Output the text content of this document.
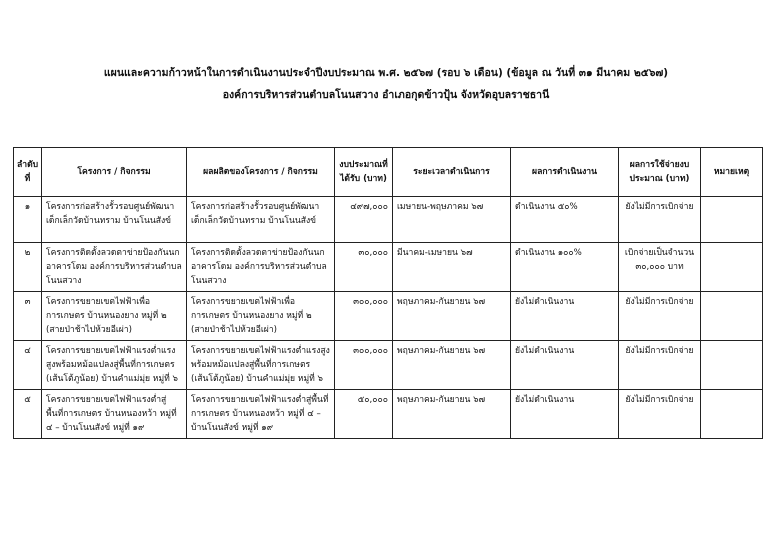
แผนและความก้าวหน้าในการดำเนินงานประจำปีงบประมาณ พ.ศ. ๒๕๖๗ (รอบ ๖ เดือน) (ข้อมูล ณ วันที่ ๓๑ มีนาคม ๒๕๖๗)
องค์การบริหารส่วนตำบลโนนสวาง อำเภอกุดข้าวปุ้น จังหวัดอุบลราชธานี
ลำดับที่	โครงการ / กิจกรรม	ผลผลิตของโครงการ / กิจกรรม	งบประมาณที่ได้รับ (บาท)	ระยะเวลาดำเนินการ	ผลการดำเนินงาน	ผลการใช้จ่ายงบประมาณ (บาท)	หมายเหตุ
๑	โครงการก่อสร้างรั้วรอบศูนย์พัฒนาเด็กเล็กวัดบ้านทราม บ้านโนนสังข์	โครงการก่อสร้างรั้วรอบศูนย์พัฒนาเด็กเล็กวัดบ้านทราม บ้านโนนสังข์	๔๙๗,๐๐๐	เมษายน-พฤษภาคม ๖๗	ดำเนินงาน ๕๐%	ยังไม่มีการเบิกจ่าย	
๒	โครงการติดตั้งลวดตาข่ายป้องกันนกอาคารโดม องค์การบริหารส่วนตำบลโนนสวาง	โครงการติดตั้งลวดตาข่ายป้องกันนกอาคารโดม องค์การบริหารส่วนตำบลโนนสวาง	๓๐,๐๐๐	มีนาคม-เมษายน ๖๗	ดำเนินงาน ๑๐๐%	เบิกจ่ายเป็นจำนวน ๓๐,๐๐๐ บาท	
๓	โครงการขยายเขตไฟฟ้าเพื่อการเกษตร บ้านหนองยาง หมู่ที่ ๒ (สายป่าช้าไปห้วยอีเผ่า)	โครงการขยายเขตไฟฟ้าเพื่อการเกษตร บ้านหนองยาง หมู่ที่ ๒ (สายป่าช้าไปห้วยอีเผ่า)	๓๐๐,๐๐๐	พฤษภาคม-กันยายน ๖๗	ยังไม่ดำเนินงาน	ยังไม่มีการเบิกจ่าย	
๔	โครงการขยายเขตไฟฟ้าแรงต่ำแรงสูงพร้อมหม้อแปลงสู่พื้นที่การเกษตร (เส้นโต้ภูน้อย) บ้านคำแม่มุ่ย หมู่ที่ ๖	โครงการขยายเขตไฟฟ้าแรงต่ำแรงสูงพร้อมหม้อแปลงสู่พื้นที่การเกษตร (เส้นโต้ภูน้อย) บ้านคำแม่มุ่ย หมู่ที่ ๖	๓๐๐,๐๐๐	พฤษภาคม-กันยายน ๖๗	ยังไม่ดำเนินงาน	ยังไม่มีการเบิกจ่าย	
๕	โครงการขยายเขตไฟฟ้าแรงต่ำสู่พื้นที่การเกษตร บ้านหนองหว้า หมู่ที่ ๔ – บ้านโนนสังข์ หมู่ที่ ๑๙	โครงการขยายเขตไฟฟ้าแรงต่ำสู่พื้นที่การเกษตร บ้านหนองหว้า หมู่ที่ ๔ – บ้านโนนสังข์ หมู่ที่ ๑๙	๕๐,๐๐๐	พฤษภาคม-กันยายน ๖๗	ยังไม่ดำเนินงาน	ยังไม่มีการเบิกจ่าย	
